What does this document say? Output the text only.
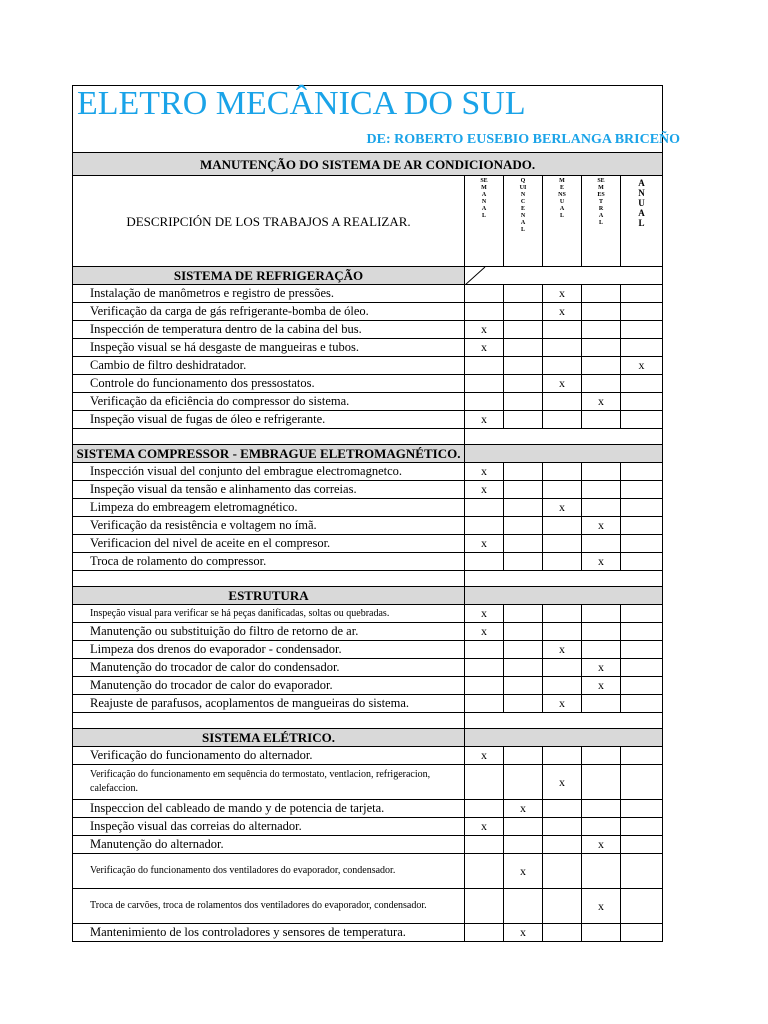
ELETRO MECÂNICA DO SUL
DE: ROBERTO EUSEBIO BERLANGA BRICEÑO					

MANUTENÇÃO DO SISTEMA DE AR CONDICIONADO.					
DESCRIPCIÓN DE LOS TRABAJOS A REALIZAR.	SEMANAL	QUINCENAL	MENSUAL	SEMESTRAL	ANUAL
SISTEMA DE REFRIGERAÇÃO	

Instalação de manômetros e registro de pressões.			x		
Verificação da carga de gás refrigerante-bomba de óleo.			x		
Inspección de temperatura dentro de la cabina del bus.	x				
Inspeção visual se há desgaste de mangueiras e tubos.	x				
Cambio de filtro deshidratador.					x
Controle do funcionamento dos pressostatos.			x		
Verificação da eficiência do compressor do sistema.				x	
Inspeção visual de fugas de óleo e refrigerante.	x				

SISTEMA COMPRESSOR - EMBRAGUE ELETROMAGNÉTICO.					
Inspección visual del conjunto del embrague electromagnetco.	x				
Inspeção visual da tensão e alinhamento das correias.	x				
Limpeza do embreagem eletromagnético.			x		
Verificação da resistência e voltagem no ímã.				x	
Verificacion del nivel de aceite en el compresor.	x				
Troca de rolamento do compressor.				x	

ESTRUTURA					
Inspeção visual para verificar se há peças danificadas, soltas ou quebradas.	x				
Manutenção ou substituição do filtro de retorno de ar.	x				
Limpeza dos drenos do evaporador - condensador.			x		
Manutenção do trocador de calor do condensador.				x	
Manutenção do trocador de calor do evaporador.				x	
Reajuste de parafusos, acoplamentos de mangueiras do sistema.			x		

SISTEMA ELÉTRICO.					
Verificação do funcionamento do alternador.	x				
Verificação do funcionamento em sequência do termostato, ventlacion, refrigeracion, calefaccion.			x		
Inspeccion del cableado de mando y de potencia de tarjeta.		x			
Inspeção visual das correias do alternador.	x				
Manutenção do alternador.				x	
Verificação do funcionamento dos ventiladores do evaporador, condensador.		x			
Troca de carvões, troca de rolamentos dos ventiladores do evaporador, condensador.				x	
Mantenimiento de los controladores y sensores de temperatura.		x			
